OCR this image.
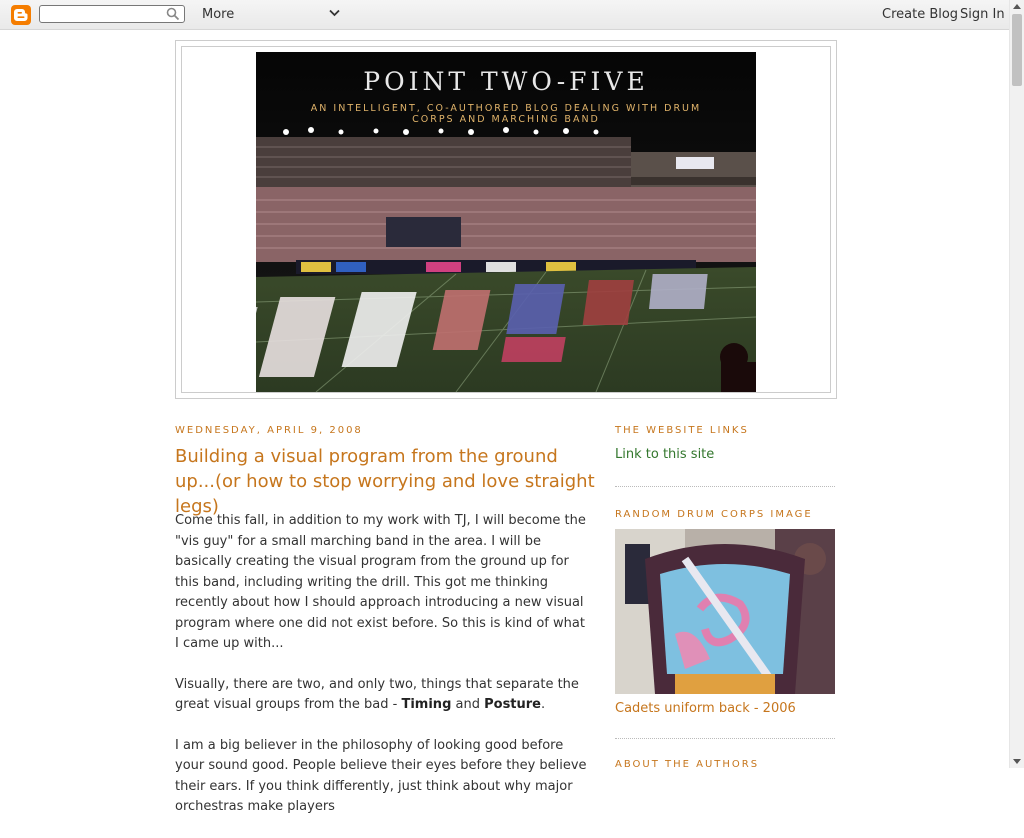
More	Create Blog Sign In
POINT TWO-FIVE
AN INTELLIGENT, CO-AUTHORED BLOG DEALING WITH DRUM CORPS AND MARCHING BAND
WEDNESDAY, APRIL 9, 2008
Building a visual program from the ground up...(or how to stop worrying and love straight legs)

Come this fall, in addition to my work with TJ, I will become the "vis guy" for a small marching band in the area. I will be basically creating the visual program from the ground up for this band, including writing the drill. This got me thinking recently about how I should approach introducing a new visual program where one did not exist before. So this is kind of what I came up with...

Visually, there are two, and only two, things that separate the great visual groups from the bad - Timing and Posture.

I am a big believer in the philosophy of looking good before your sound good. People believe their eyes before they believe their ears. If you think differently, just think about why major orchestras make players

THE WEBSITE LINKS
Link to this site
RANDOM DRUM CORPS IMAGE
Cadets uniform back - 2006
ABOUT THE AUTHORS
